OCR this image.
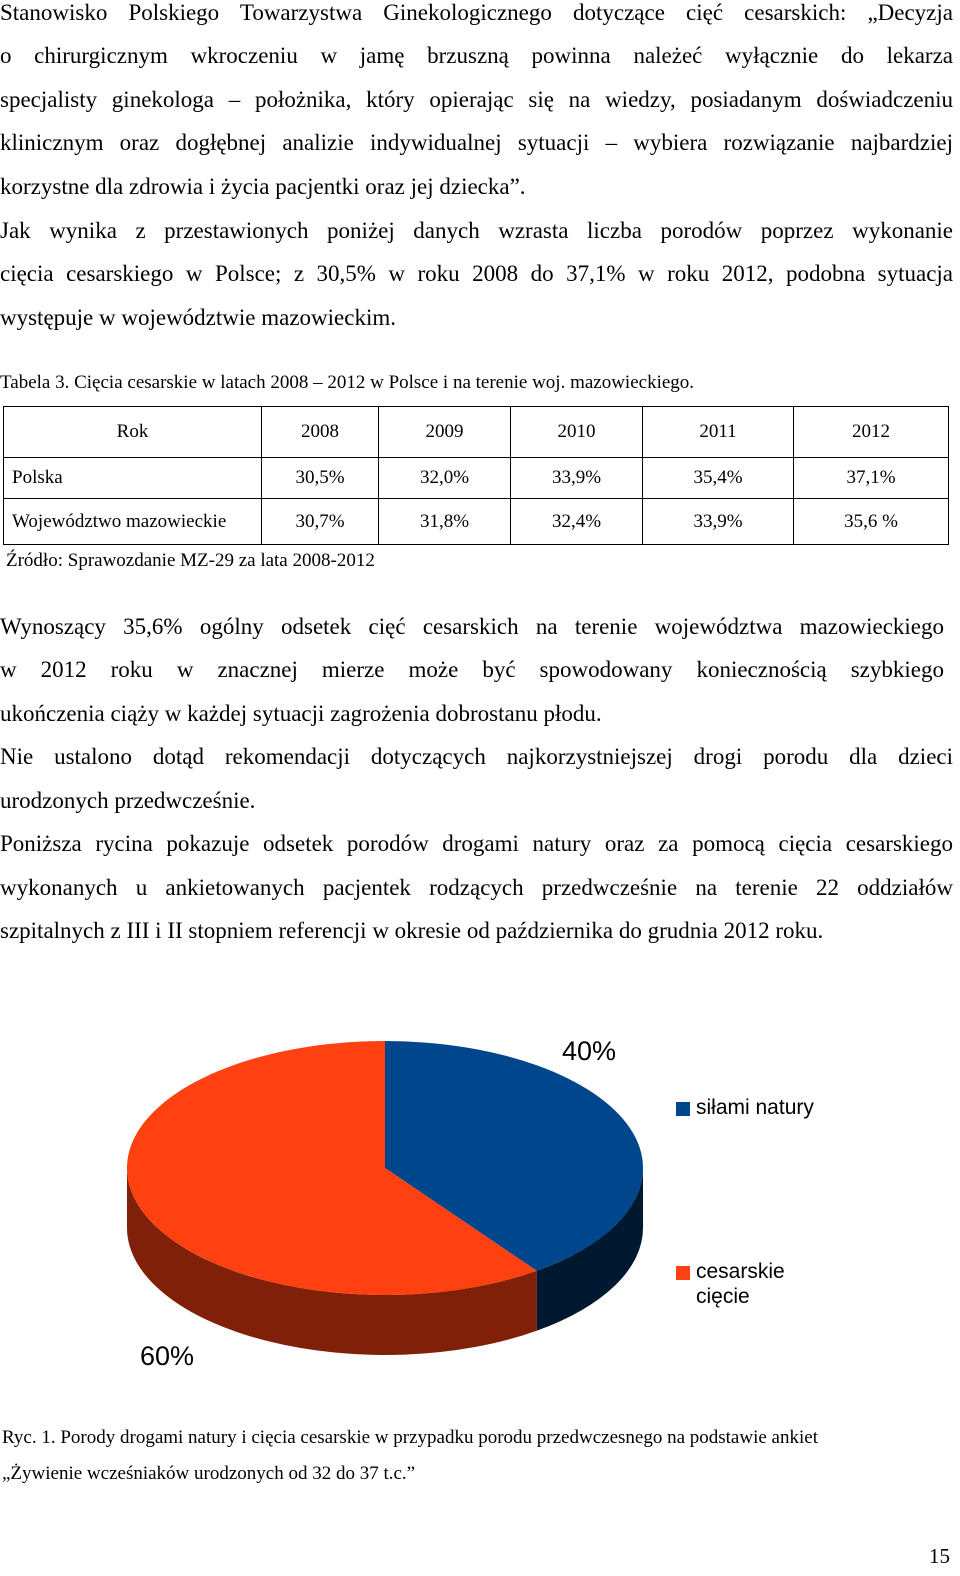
Stanowisko Polskiego Towarzystwa Ginekologicznego dotyczące cięć cesarskich: „Decyzja
o chirurgicznym wkroczeniu w jamę brzuszną powinna należeć wyłącznie do lekarza
specjalisty ginekologa – położnika, który opierając się na wiedzy, posiadanym doświadczeniu
klinicznym oraz dogłębnej analizie indywidualnej sytuacji – wybiera rozwiązanie najbardziej
korzystne dla zdrowia i życia pacjentki oraz jej dziecka”.
Jak wynika z przestawionych poniżej danych wzrasta liczba porodów poprzez wykonanie
cięcia cesarskiego w Polsce; z 30,5% w roku 2008 do 37,1% w roku 2012, podobna sytuacja
występuje w województwie mazowieckim.
Tabela 3. Cięcia cesarskie w latach 2008 – 2012 w Polsce i na terenie woj. mazowieckiego.
Rok	2008	2009	2010	2011	2012
Polska	30,5%	32,0%	33,9%	35,4%	37,1%
Województwo mazowieckie	30,7%	31,8%	32,4%	33,9%	35,6 %
Źródło: Sprawozdanie MZ-29 za lata 2008-2012
Wynoszący 35,6% ogólny odsetek cięć cesarskich na terenie województwa mazowieckiego
w 2012 roku w znacznej mierze może być spowodowany koniecznością szybkiego
ukończenia ciąży w każdej sytuacji zagrożenia dobrostanu płodu.
Nie ustalono dotąd rekomendacji dotyczących najkorzystniejszej drogi porodu dla dzieci
urodzonych przedwcześnie.
Poniższa rycina pokazuje odsetek porodów drogami natury oraz za pomocą cięcia cesarskiego
wykonanych u ankietowanych pacjentek rodzących przedwcześnie na terenie 22 oddziałów
szpitalnych z III i II stopniem referencji w okresie od października do grudnia 2012 roku.
40%
60%
siłami natury
cesarskie
cięcie
Ryc. 1. Porody drogami natury i cięcia cesarskie w przypadku porodu przedwczesnego na podstawie ankiet
„Żywienie wcześniaków urodzonych od 32 do 37 t.c.”
15
